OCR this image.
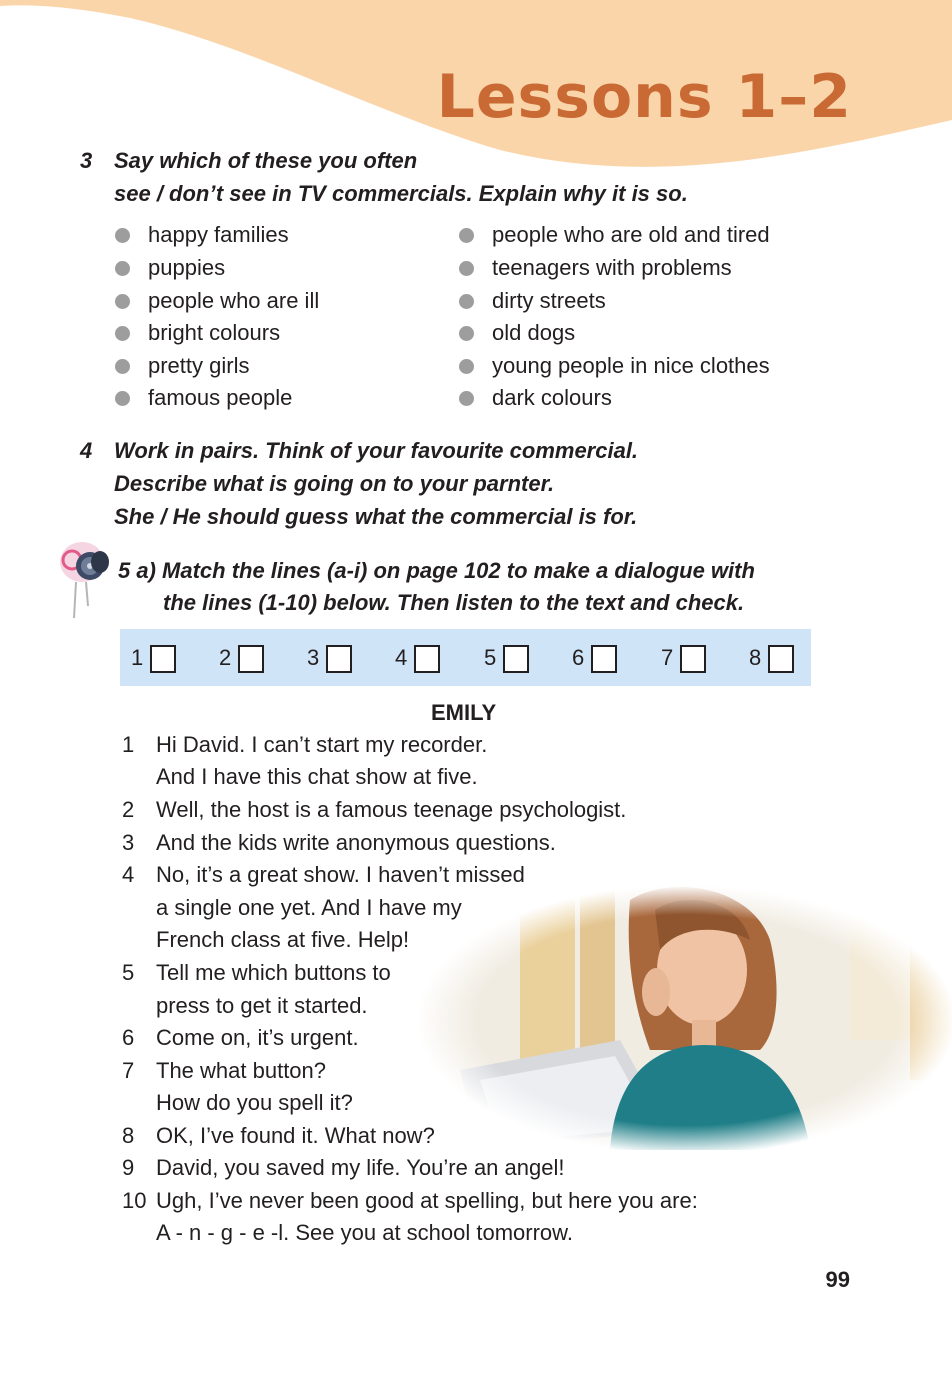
Lessons 1–2
3 Say which of these you often
see / don’t see in TV commercials. Explain why it is so.
happy families
puppies
people who are ill
bright colours
pretty girls
famous people
people who are old and tired
teenagers with problems
dirty streets
old dogs
young people in nice clothes
dark colours
4 Work in pairs. Think of your favourite commercial.
Describe what is going on to your parnter.
She / He should guess what the commercial is for.
5 a) Match the lines (a-i) on page 102 to make a dialogue with
the lines (1-10) below. Then listen to the text and check.
1	2	3	4	5	6	7	8
EMILY
1 Hi David. I can’t start my recorder.
And I have this chat show at five.
2 Well, the host is a famous teenage psychologist.
3 And the kids write anonymous questions.
4 No, it’s a great show. I haven’t missed
a single one yet. And I have my
French class at five. Help!
5 Tell me which buttons to
press to get it started.
6 Come on, it’s urgent.
7 The what button?
How do you spell it?
8 OK, I’ve found it. What now?
9 David, you saved my life. You’re an angel!
10 Ugh, I’ve never been good at spelling, but here you are:
A - n - g - e -l. See you at school tomorrow.
99
